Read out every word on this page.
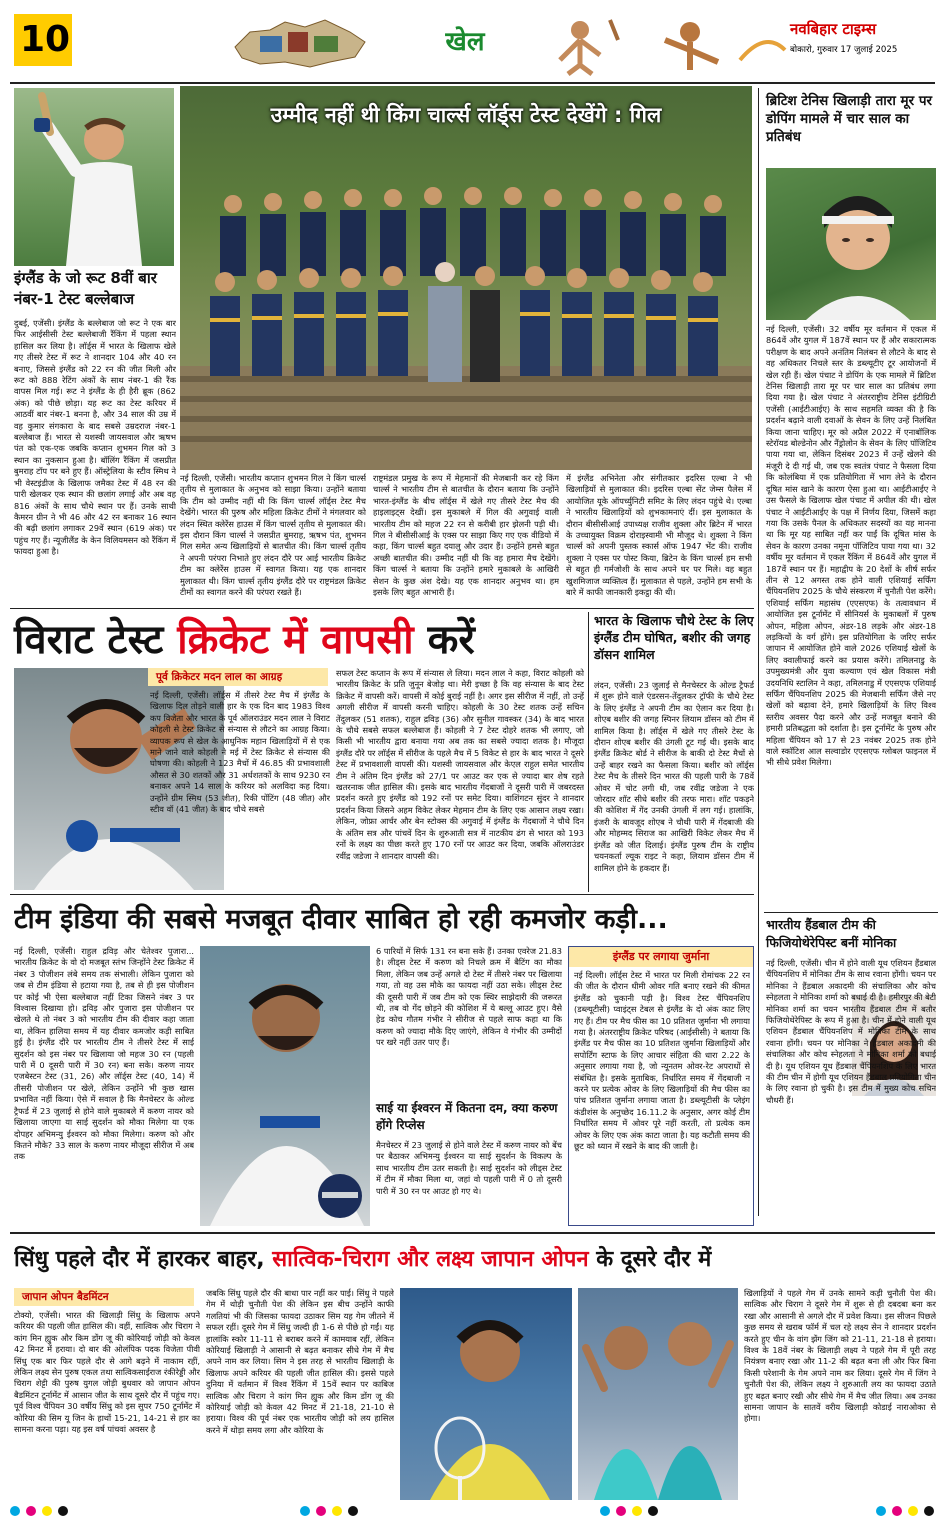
10	खेल	नवबिहार टाइम्स
बोकारो, गुरुवार 17 जुलाई 2025
इंग्लैंड के जो रूट 8वीं बार नंबर-1 टेस्ट बल्लेबाज
दुबई, एजेंसी। इंग्लैंड के बल्लेबाज जो रूट ने एक बार फिर आईसीसी टेस्ट बल्लेबाजी रैंकिंग में पहला स्थान हासिल कर लिया है। लॉर्ड्स में भारत के खिलाफ खेले गए तीसरे टेस्ट में रूट ने शानदार 104 और 40 रन बनाए, जिससे इंग्लैंड को 22 रन की जीत मिली और रूट को 888 रेटिंग अंकों के साथ नंबर-1 की रैंक वापस मिल गई। रूट ने इंग्लैंड के ही हैरी ब्रूक (862 अंक) को पीछे छोड़ा। यह रूट का टेस्ट करियर में आठवीं बार नंबर-1 बनना है, और 34 साल की उम्र में वह कुमार संगकारा के बाद सबसे उम्रदराज नंबर-1 बल्लेबाज हैं। भारत से यशस्वी जायसवाल और ऋषभ पंत को एक-एक जबकि कप्तान शुभमन गिल को 3 स्थान का नुकसान हुआ है। बॉलिंग रैंकिंग में जसप्रीत बुमराह टॉप पर बने हुए हैं। ऑस्ट्रेलिया के स्टीव स्मिथ ने भी वेस्टइंडीज के खिलाफ जमैका टेस्ट में 48 रन की पारी खेलकर एक स्थान की छलांग लगाई और अब वह 816 अंकों के साथ चौथे स्थान पर हैं। उनके साथी कैमरन ग्रीन ने भी 46 और 42 रन बनाकर 16 स्थान की बढ़ी छलांग लगाकर 29वें स्थान (619 अंक) पर पहुंच गए हैं। न्यूजीलैंड के केन विलियमसन को रैंकिंग में फायदा हुआ है।
उम्मीद नहीं थी किंग चार्ल्स लॉर्ड्स टेस्ट देखेंगे : गिल
नई दिल्ली, एजेंसी। भारतीय कप्तान शुभमन गिल ने किंग चार्ल्स तृतीय से मुलाकात के अनुभव को साझा किया। उन्होंने बताया कि टीम को उम्मीद नहीं थी कि किंग चार्ल्स लॉर्ड्स टेस्ट मैच देखेंगे। भारत की पुरुष और महिला क्रिकेट टीमों ने मंगलवार को लंदन स्थित क्लेरेंस हाउस में किंग चार्ल्स तृतीय से मुलाकात की। इस दौरान किंग चार्ल्स ने जसप्रीत बुमराह, ऋषभ पंत, शुभमन गिल समेत अन्य खिलाड़ियों से बातचीत की। किंग चार्ल्स तृतीय ने अपनी परंपरा निभाते हुए लंदन दौरे पर आई भारतीय क्रिकेट टीम का क्लेरेंस हाउस में स्वागत किया। यह एक शानदार मुलाकात थी। किंग चार्ल्स तृतीय इंग्लैंड दौरे पर राष्ट्रमंडल क्रिकेट टीमों का स्वागत करने की परंपरा रखते हैं।
राष्ट्रमंडल प्रमुख के रूप में मेहमानों की मेजबानी कर रहे किंग चार्ल्स ने भारतीय टीम से बातचीत के दौरान बताया कि उन्होंने भारत-इंग्लैंड के बीच लॉर्ड्स में खेले गए तीसरे टेस्ट मैच की हाइलाइट्स देखीं। इस मुकाबले में गिल की अगुवाई वाली भारतीय टीम को महज 22 रन से करीबी हार झेलनी पड़ी थी। गिल ने बीसीसीआई के एक्स पर साझा किए गए एक वीडियो में कहा, किंग चार्ल्स बहुत दयालु और उदार हैं। उन्होंने हमसे बहुत अच्छी बातचीत की। उम्मीद नहीं थी कि वह हमारा मैच देखेंगे। किंग चार्ल्स ने बताया कि उन्होंने हमारे मुकाबले के आखिरी सेशन के कुछ अंश देखे। यह एक शानदार अनुभव था। हम इसके लिए बहुत आभारी हैं।
में इंग्लैंड अभिनेता और संगीतकार इदरिस एल्बा ने भी खिलाड़ियों से मुलाकात की। इदरिस एल्बा सेंट जेम्स पैलेस में आयोजित यूके ऑपर्च्युनिटी समिट के लिए लंदन पहुंचे थे। एल्बा ने भारतीय खिलाड़ियों को शुभकामनाएं दीं। इस मुलाकात के दौरान बीसीसीआई उपाध्यक्ष राजीव शुक्ला और ब्रिटेन में भारत के उच्चायुक्त विक्रम दोराइस्वामी भी मौजूद थे। शुक्ला ने किंग चार्ल्स को अपनी पुस्तक स्कार्स ऑफ 1947 भेंट की। राजीव शुक्ला ने एक्स पर पोस्ट किया, ब्रिटेन के किंग चार्ल्स हम सभी से बहुत ही गर्मजोशी के साथ अपने घर पर मिले। वह बहुत खुशमिजाज व्यक्तित्व हैं। मुलाकात से पहले, उन्होंने हम सभी के बारे में काफी जानकारी इकट्ठा की थी।
ब्रिटिश टेनिस खिलाड़ी तारा मूर पर डोपिंग मामले में चार साल का प्रतिबंध
नई दिल्ली, एजेंसी। 32 वर्षीय मूर वर्तमान में एकल में 864वें और युगल में 187वें स्थान पर हैं और सकारात्मक परीक्षण के बाद अपने अनंतिम निलंबन से लौटने के बाद से वह अधिकतर निचले स्तर के डब्ल्यूटीए टूर आयोजनों में खेल रही हैं। खेल पंचाट ने डोपिंग के एक मामले में ब्रिटिश टेनिस खिलाड़ी तारा मूर पर चार साल का प्रतिबंध लगा दिया गया है। खेल पंचाट ने अंतरराष्ट्रीय टेनिस इंटीग्रिटी एजेंसी (आईटीआईए) के साथ सहमति व्यक्त की है कि प्रदर्शन बढ़ाने वाली दवाओं के सेवन के लिए उन्हें निलंबित किया जाना चाहिए। मूर को अप्रैल 2022 में एनाबॉलिक स्टेरॉयड बोल्डेनोन और नैंड्रोलोन के सेवन के लिए पॉजिटिव पाया गया था, लेकिन दिसंबर 2023 में उन्हें खेलने की मंजूरी दे दी गई थी, जब एक स्वतंत्र पंचाट ने फैसला दिया कि कोलंबिया में एक प्रतियोगिता में भाग लेने के दौरान दूषित मांस खाने के कारण ऐसा हुआ था। आईटीआईए ने उस फैसले के खिलाफ खेल पंचाट में अपील की थी। खेल पंचाट ने आईटीआईए के पक्ष में निर्णय दिया, जिसमें कहा गया कि उसके पैनल के अधिकतर सदस्यों का यह मानना था कि मूर यह साबित नहीं कर पाईं कि दूषित मांस के सेवन के कारण उनका नमूना पॉजिटिव पाया गया था। 32 वर्षीय मूर वर्तमान में एकल रैंकिंग में 864वें और युगल में 187वें स्थान पर हैं। महाद्वीप के 20 देशों के शीर्ष सर्फर तीन से 12 अगस्त तक होने वाली एशियाई सर्फिंग चैंपियनशिप 2025 के चौथे संस्करण में चुनौती पेश करेंगे। एशियाई सर्फिंग महासंघ (एएसएफ) के तत्वावधान में आयोजित इस टूर्नामेंट में सीनियर्स के मुकाबलों में पुरुष ओपन, महिला ओपन, अंडर-18 लड़के और अंडर-18 लड़कियों के वर्ग होंगे। इस प्रतियोगिता के जरिए सर्फर जापान में आयोजित होने वाले 2026 एशियाई खेलों के लिए क्वालीफाई करने का प्रयास करेंगे। तमिलनाडु के उपमुख्यमंत्री और युवा कल्याण एवं खेल विकास मंत्री उदयनिधि स्टालिन ने कहा, तमिलनाडु में एएसएफ एशियाई सर्फिंग चैंपियनशिप 2025 की मेजबानी सर्फिंग जैसे नए खेलों को बढ़ावा देने, हमारे खिलाड़ियों के लिए विश्व स्तरीय अवसर पैदा करने और उन्हें मजबूत बनाने की हमारी प्रतिबद्धता को दर्शाता है। इस टूर्नामेंट के पुरुष और महिला चैंपियन को 17 से 23 नवंबर 2025 तक होने वाले स्कॉटिश आल सल्वाडोर एएसएफ ग्लोबल फाइनल में भी सीधे प्रवेश मिलेगा।
भारतीय हैंडबाल टीम की फिजियोथेरेपिस्ट बनीं मोनिका
नई दिल्ली, एजेंसी। चीन में होने वाली यूथ एशियन हैंडबाल चैंपियनशिप में मोनिका टीम के साथ रवाना होंगी। चयन पर मोनिका ने हैंडबाल अकादमी की संचालिका और कोच स्नेहलता ने मोनिका शर्मा को बधाई दी है। हमीरपुर की बेटी मोनिका शर्मा का चयन भारतीय हैंडबाल टीम में बतौर फिजियोथेरेपिस्ट के रूप में हुआ है। चीन में होने वाली यूथ एशियन हैंडबाल चैंपियनशिप में मोनिका टीम के साथ रवाना होंगी। चयन पर मोनिका ने हैंडबाल अकादमी की संचालिका और कोच स्नेहलता ने मोनिका शर्मा को बधाई दी है। यूथ एशियन यूथ हैंडबाल चैंपियनशिप के लिए भारत की टीम चीन में होगी यूथ एशियन हैंडबाल प्रतियोगिता चीन के लिए रवाना हो चुकी है। इस टीम में मुख्य कोच सचिन चौधरी हैं।
विराट टेस्ट क्रिकेट में वापसी करें
पूर्व क्रिकेटर मदन लाल का आग्रह
नई दिल्ली, एजेंसी। लॉर्ड्स में तीसरे टेस्ट मैच में इंग्लैंड के खिलाफ दिल तोड़ने वाली हार के एक दिन बाद 1983 विश्व कप विजेता और भारत के पूर्व ऑलराउंडर मदन लाल ने विराट कोहली से टेस्ट क्रिकेट से संन्यास से लौटने का आग्रह किया। व्यापक रूप से खेल के आधुनिक महान खिलाड़ियों में से एक माने जाने वाले कोहली ने मई में टेस्ट क्रिकेट से संन्यास की घोषणा की। कोहली ने 123 मैचों में 46.85 की प्रभावशाली औसत से 30 शतकों और 31 अर्धशतकों के साथ 9230 रन बनाकर अपने 14 साल के करियर को अलविदा कह दिया। उन्होंने ग्रीम स्मिथ (53 जीत), रिकी पोंटिंग (48 जीत) और स्टीव वॉ (41 जीत) के बाद चौथे सबसे
सफल टेस्ट कप्तान के रूप में संन्यास ले लिया। मदन लाल ने कहा, विराट कोहली को भारतीय क्रिकेट के प्रति जुनून बेजोड़ था। मेरी इच्छा है कि वह संन्यास के बाद टेस्ट क्रिकेट में वापसी करें। वापसी में कोई बुराई नहीं है। अगर इस सीरीज में नहीं, तो उन्हें अगली सीरीज में वापसी करनी चाहिए। कोहली के 30 टेस्ट शतक उन्हें सचिन तेंदुलकर (51 शतक), राहुल द्रविड़ (36) और सुनील गावस्कर (34) के बाद भारत के चौथे सबसे सफल बल्लेबाज हैं। कोहली ने 7 टेस्ट दोहरे शतक भी लगाए, जो किसी भी भारतीय द्वारा बनाया गया अब तक का सबसे ज्यादा शतक है। मौजूदा इंग्लैंड दौरे पर लॉर्ड्स में सीरीज के पहले मैच में 5 विकेट से हार के बाद भारत ने दूसरे टेस्ट में प्रभावशाली वापसी की। यशस्वी जायसवाल और केएल राहुल समेत भारतीय टीम ने अंतिम दिन इंग्लैंड को 27/1 पर आउट कर एक से ज्यादा बार शेष रहते खतरनाक जीत हासिल की। इसके बाद भारतीय गेंदबाजों ने दूसरी पारी में जबरदस्त प्रदर्शन करते हुए इंग्लैंड को 192 रनों पर समेट दिया। वाशिंगटन सुंदर ने शानदार प्रदर्शन किया जिसने अहम विकेट लेकर मेहमान टीम के लिए एक आसान लक्ष्य रखा। लेकिन, जोफ्रा आर्चर और बेन स्टोक्स की अगुवाई में इंग्लैंड के गेंदबाजों ने चौथे दिन के अंतिम सत्र और पांचवें दिन के शुरुआती सत्र में नाटकीय ढंग से भारत को 193 रनों के लक्ष्य का पीछा करते हुए 170 रनों पर आउट कर दिया, जबकि ऑलराउंडर रवींद्र जडेजा ने शानदार वापसी की।
भारत के खिलाफ चौथे टेस्ट के लिए इंग्लैंड टीम घोषित, बशीर की जगह डॉसन शामिल
लंदन, एजेंसी। 23 जुलाई से मैनचेस्टर के ओल्ड ट्रैफर्ड में शुरू होने वाले एंडरसन-तेंदुलकर ट्रॉफी के चौथे टेस्ट के लिए इंग्लैंड ने अपनी टीम का ऐलान कर दिया है। शोएब बशीर की जगह स्पिनर लियाम डॉसन को टीम में शामिल किया है। लॉर्ड्स में खेले गए तीसरे टेस्ट के दौरान शोएब बशीर की उंगली टूट गई थी। इसके बाद इंग्लैंड क्रिकेट बोर्ड ने सीरीज के बाकी दो टेस्ट मैचों से उन्हें बाहर रखने का फैसला किया। बशीर को लॉर्ड्स टेस्ट मैच के तीसरे दिन भारत की पहली पारी के 78वें ओवर में चोट लगी थी, जब रवींद्र जडेजा ने एक जोरदार शॉट सीधे बशीर की तरफ मारा। शॉट पकड़ने की कोशिश में गेंद उनकी उंगली में लग गई। हालांकि, इंजरी के बावजूद शोएब ने चौथी पारी में गेंदबाजी की और मोहम्मद सिराज का आखिरी विकेट लेकर मैच में इंग्लैंड को जीत दिलाई। इंग्लैंड पुरुष टीम के राष्ट्रीय चयनकर्ता ल्यूक राइट ने कहा, लियाम डॉसन टीम में शामिल होने के हकदार हैं।
टीम इंडिया की सबसे मजबूत दीवार साबित हो रही कमजोर कड़ी...
नई दिल्ली, एजेंसी। राहुल द्रविड़ और चेतेश्वर पुजारा... भारतीय क्रिकेट के वो दो मजबूत स्तंभ जिन्होंने टेस्ट क्रिकेट में नंबर 3 पोजीशन लंबे समय तक संभाली। लेकिन पुजारा को जब से टीम इंडिया से हटाया गया है, तब से ही इस पोजीशन पर कोई भी ऐसा बल्लेबाज नहीं टिका जिसने नंबर 3 पर विश्वास दिखाया हो। द्रविड़ और पुजारा इस पोजीशन पर खेलते थे तो नंबर 3 को भारतीय टीम की दीवार कहा जाता था, लेकिन हालिया समय में यह दीवार कमजोर कड़ी साबित हुई है। इंग्लैंड दौरे पर भारतीय टीम ने तीसरे टेस्ट में साई सुदर्शन को इस नंबर पर खिलाया जो महज 30 रन (पहली पारी में 0 दूसरी पारी में 30 रन) बना सके। करुण नायर एजबेस्टन टेस्ट (31, 26) और लॉर्ड्स टेस्ट (40, 14) में तीसरी पोजीशन पर खेले, लेकिन उन्होंने भी कुछ खास प्रभावित नहीं किया। ऐसे में सवाल है कि मैनचेस्टर के ओल्ड ट्रैफर्ड में 23 जुलाई से होने वाले मुकाबले में करुण नायर को खिलाया जाएगा या साई सुदर्शन को मौका मिलेगा या एक दोपहर अभिमन्यु ईश्वरन को मौका मिलेगा। करुण को और कितने मौके? 33 साल के करुण नायर मौजूदा सीरीज में अब तक
6 पारियों में सिर्फ 131 रन बना सके हैं। उनका एवरेज 21.83 है। लीड्स टेस्ट में करुण को निचले क्रम में बैटिंग का मौका मिला, लेकिन जब उन्हें अगले दो टेस्ट में तीसरे नंबर पर खिलाया गया, तो वह उस मौके का फायदा नहीं उठा सके। लीड्स टेस्ट की दूसरी पारी में जब टीम को एक स्थिर साझेदारी की जरूरत थी, तब वो गेंद छोड़ने की कोशिश में ये बल्लू आउट हुए। वैसे हेड कोच गौतम गंभीर ने सीरीज से पहले साफ कहा था कि करुण को ज्यादा मौके दिए जाएंगे, लेकिन वे गंभीर की उम्मीदों पर खरे नहीं उतर पाए हैं।
साई या ईश्वरन में कितना दम, क्या करुण होंगे रिप्लेस
मैनचेस्टर में 23 जुलाई से होने वाले टेस्ट में करुण नायर को बेंच पर बैठाकर अभिमन्यु ईश्वरन या साई सुदर्शन के विकल्प के साथ भारतीय टीम उतर सकती है। साई सुदर्शन को लीड्स टेस्ट में टीम में मौका मिला था, जहां वो पहली पारी में 0 तो दूसरी पारी में 30 रन पर आउट हो गए थे।
इंग्लैंड पर लगाया जुर्माना
नई दिल्ली। लॉर्ड्स टेस्ट में भारत पर मिली रोमांचक 22 रन की जीत के दौरान धीमी ओवर गति बनाए रखने की कीमत इंग्लैंड को चुकानी पड़ी है। विश्व टेस्ट चैंपियनशिप (डब्ल्यूटीसी) प्वाइंट्स टेबल से इंग्लैंड के दो अंक काट लिए गए हैं। टीम पर मैच फीस का 10 प्रतिशत जुर्माना भी लगाया गया है। अंतरराष्ट्रीय क्रिकेट परिषद (आईसीसी) ने बताया कि इंग्लैंड पर मैच फीस का 10 प्रतिशत जुर्माना खिलाड़ियों और सपोर्टिंग स्टाफ के लिए आचार संहिता की धारा 2.22 के अनुसार लगाया गया है, जो न्यूनतम ओवर-रेट अपराधों से संबंधित है। इसके मुताबिक, निर्धारित समय में गेंदबाजी न करने पर प्रत्येक ओवर के लिए खिलाड़ियों की मैच फीस का पांच प्रतिशत जुर्माना लगाया जाता है। डब्ल्यूटीसी के प्लेइंग कंडीशंस के अनुच्छेद 16.11.2 के अनुसार, अगर कोई टीम निर्धारित समय में ओवर पूरे नहीं करती, तो प्रत्येक कम ओवर के लिए एक अंक काटा जाता है। यह कटौती समय की छूट को ध्यान में रखने के बाद की जाती है।
सिंधु पहले दौर में हारकर बाहर, सात्विक-चिराग और लक्ष्य जापान ओपन के दूसरे दौर में
जापान ओपन बैडमिंटन
टोक्यो, एजेंसी। भारत की खिलाड़ी सिंधु के खिलाफ अपने करियर की पहली जीत हासिल की। वहीं, सात्विक और चिराग ने कांग मिन ह्युक और किम डोंग जू की कोरियाई जोड़ी को केवल 42 मिनट में हराया। दो बार की ओलंपिक पदक विजेता पीवी सिंधु एक बार फिर पहले दौर से आगे बढ़ने में नाकाम रहीं, लेकिन लक्ष्य सेन पुरुष एकल तथा सात्विकसाईराज रंकीरेड्डी और चिराग शेट्टी की पुरुष युगल जोड़ी बुधवार को जापान ओपन बैडमिंटन टूर्नामेंट में आसान जीत के साथ दूसरे दौर में पहुंच गए। पूर्व विश्व चैंपियन 30 वर्षीय सिंधु को इस सुपर 750 टूर्नामेंट में कोरिया की सिम यू जिन के हाथों 15-21, 14-21 से हार का सामना करना पड़ा। यह इस वर्ष पांचवां अवसर है
जबकि सिंधु पहले दौर की बाधा पार नहीं कर पाई। सिंधु ने पहले गेम में थोड़ी चुनौती पेश की लेकिन इस बीच उन्होंने काफी गलतियां भी की जिसका फायदा उठाकर सिम यह गेम जीतने में सफल रहीं। दूसरे गेम में सिंधु जल्दी ही 1-6 से पीछे हो गईं। यह हालांकि स्कोर 11-11 से बराबर करने में कामयाब रहीं, लेकिन कोरियाई खिलाड़ी ने आसानी से बढ़त बनाकर सीधे गेम में मैच अपने नाम कर लिया। सिम ने इस तरह से भारतीय खिलाड़ी के खिलाफ अपने करियर की पहली जीत हासिल की। इससे पहले दुनिया में वर्तमान में विश्व रैंकिंग में 15वें स्थान पर काबिज सात्विक और चिराग ने कांग मिन ह्युक और किम डोंग जू की कोरियाई जोड़ी को केवल 42 मिनट में 21-18, 21-10 से हराया। विश्व की पूर्व नंबर एक भारतीय जोड़ी को लय हासिल करने में थोड़ा समय लगा और कोरिया के
खिलाड़ियों ने पहले गेम में उनके सामने कड़ी चुनौती पेश की। सात्विक और चिराग ने दूसरे गेम में शुरू से ही दबदबा बना कर रखा और आसानी से अगले दौर में प्रवेश किया। इस सीजन पिछले कुछ समय से खराब फॉर्म में चल रहे लक्ष्य सेन ने शानदार प्रदर्शन करते हुए चीन के वांग झेंग जिंग को 21-11, 21-18 से हराया। विश्व के 18वें नंबर के खिलाड़ी लक्ष्य ने पहले गेम में पूरी तरह नियंत्रण बनाए रखा और 11-2 की बढ़त बना ली और फिर बिना किसी परेशानी के गेम अपने नाम कर लिया। दूसरे गेम में जिंग ने चुनौती पेश की, लेकिन लक्ष्य ने शुरुआती लय का फायदा उठाते हुए बढ़त बनाए रखी और सीधे गेम में मैच जीत लिया। अब उनका सामना जापान के सातवें वरीय खिलाड़ी कोडाई नाराओका से होगा।
